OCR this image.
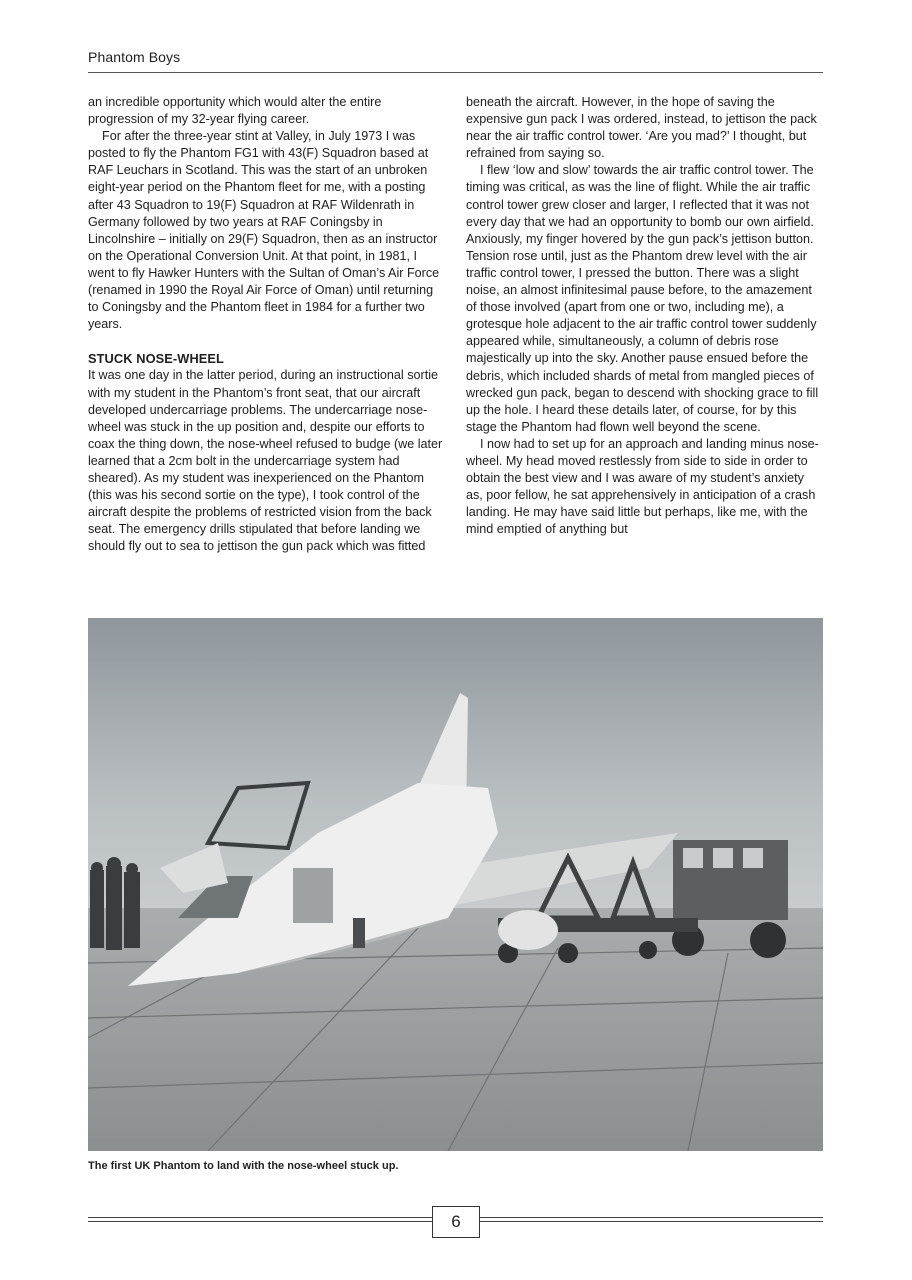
Phantom Boys

an incredible opportunity which would alter the entire progression of my 32-year flying career.

For after the three-year stint at Valley, in July 1973 I was posted to fly the Phantom FG1 with 43(F) Squadron based at RAF Leuchars in Scotland. This was the start of an unbroken eight-year period on the Phantom fleet for me, with a posting after 43 Squadron to 19(F) Squadron at RAF Wildenrath in Germany followed by two years at RAF Coningsby in Lincolnshire – initially on 29(F) Squadron, then as an instructor on the Operational Conversion Unit. At that point, in 1981, I went to fly Hawker Hunters with the Sultan of Oman’s Air Force (renamed in 1990 the Royal Air Force of Oman) until returning to Coningsby and the Phantom fleet in 1984 for a further two years.

STUCK NOSE-WHEEL

It was one day in the latter period, during an instructional sortie with my student in the Phantom’s front seat, that our aircraft developed undercarriage problems. The undercarriage nose-wheel was stuck in the up position and, despite our efforts to coax the thing down, the nose-wheel refused to budge (we later learned that a 2cm bolt in the undercarriage system had sheared). As my student was inexperienced on the Phantom (this was his second sortie on the type), I took control of the aircraft despite the problems of restricted vision from the back seat. The emergency drills stipulated that before landing we should fly out to sea to jettison the gun pack which was fitted

beneath the aircraft. However, in the hope of saving the expensive gun pack I was ordered, instead, to jettison the pack near the air traffic control tower. ‘Are you mad?’ I thought, but refrained from saying so.

I flew ‘low and slow’ towards the air traffic control tower. The timing was critical, as was the line of flight. While the air traffic control tower grew closer and larger, I reflected that it was not every day that we had an opportunity to bomb our own airfield. Anxiously, my finger hovered by the gun pack’s jettison button. Tension rose until, just as the Phantom drew level with the air traffic control tower, I pressed the button. There was a slight noise, an almost infinitesimal pause before, to the amazement of those involved (apart from one or two, including me), a grotesque hole adjacent to the air traffic control tower suddenly appeared while, simultaneously, a column of debris rose majestically up into the sky. Another pause ensued before the debris, which included shards of metal from mangled pieces of wrecked gun pack, began to descend with shocking grace to fill up the hole. I heard these details later, of course, for by this stage the Phantom had flown well beyond the scene.

I now had to set up for an approach and landing minus nose-wheel. My head moved restlessly from side to side in order to obtain the best view and I was aware of my student’s anxiety as, poor fellow, he sat apprehensively in anticipation of a crash landing. He may have said little but perhaps, like me, with the mind emptied of anything but

The first UK Phantom to land with the nose-wheel stuck up.
6
